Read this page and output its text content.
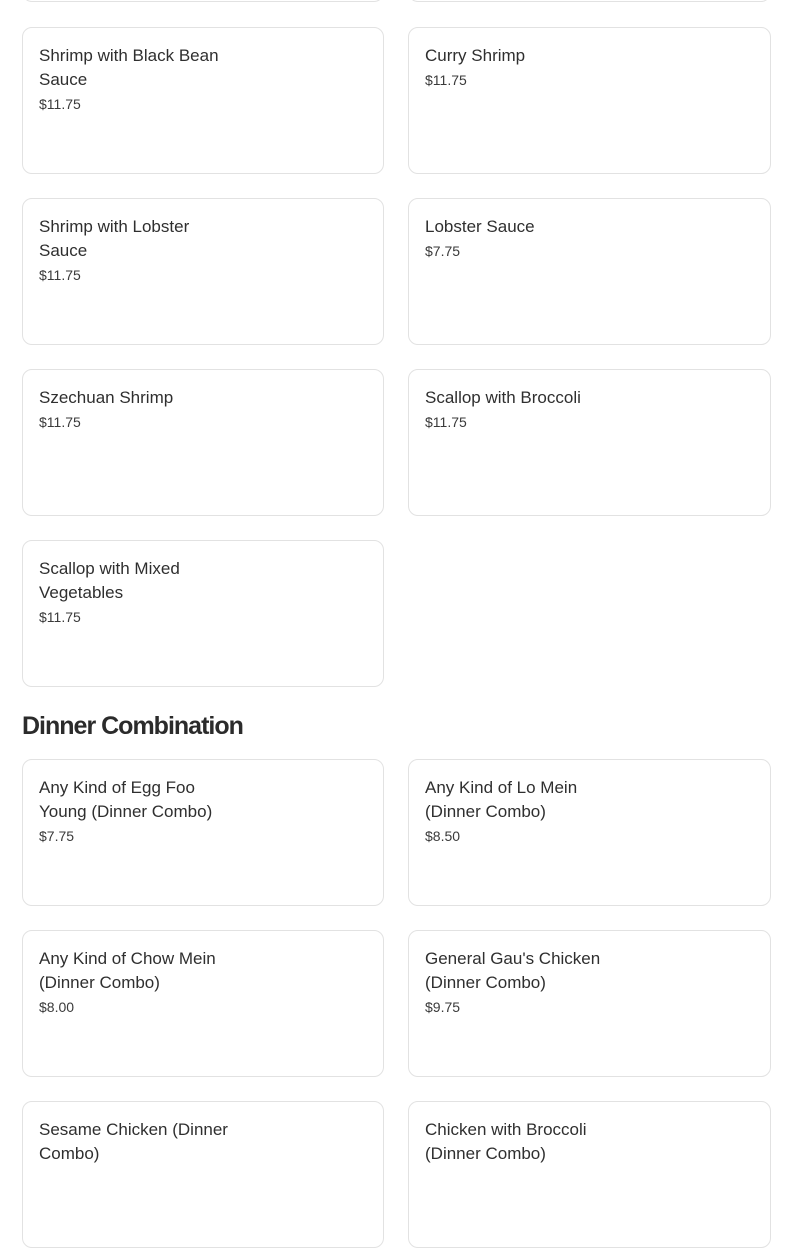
Shrimp with Black Bean Sauce
$11.75
Curry Shrimp
$11.75
Shrimp with Lobster Sauce
$11.75
Lobster Sauce
$7.75
Szechuan Shrimp
$11.75
Scallop with Broccoli
$11.75
Scallop with Mixed Vegetables
$11.75
Dinner Combination
Any Kind of Egg Foo Young (Dinner Combo)
$7.75
Any Kind of Lo Mein (Dinner Combo)
$8.50
Any Kind of Chow Mein (Dinner Combo)
$8.00
General Gau's Chicken (Dinner Combo)
$9.75
Sesame Chicken (Dinner Combo)
Chicken with Broccoli (Dinner Combo)
